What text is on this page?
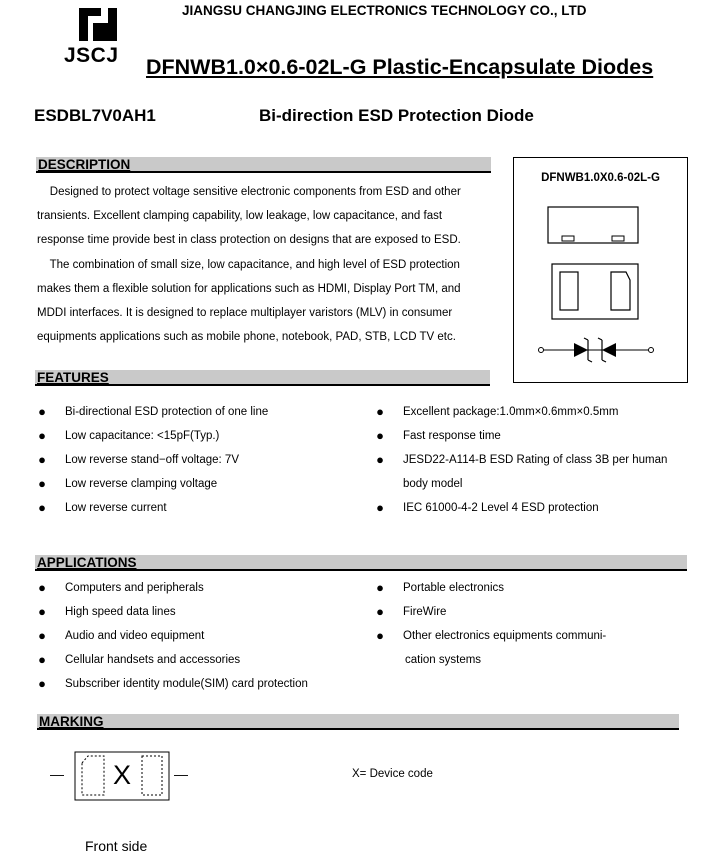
JIANGSU CHANGJING ELECTRONICS TECHNOLOGY CO., LTD
JSCJ DFNWB1.0×0.6-02L-G Plastic-Encapsulate Diodes
ESDBL7V0AH1	Bi-direction ESD Protection Diode
DESCRIPTION

Designed to protect voltage sensitive electronic components from ESD and other

transients. Excellent clamping capability, low leakage, low capacitance, and fast

response time provide best in class protection on designs that are exposed to ESD.

The combination of small size, low capacitance, and high level of ESD protection

makes them a flexible solution for applications such as HDMI, Display Port TM, and

MDDI interfaces. It is designed to replace multiplayer varistors (MLV) in consumer

equipments applications such as mobile phone, notebook, PAD, STB, LCD TV etc.

DFNWB1.0X0.6-02L-G
FEATURES
● Bi-directional ESD protection of one line
● Low capacitance: <15pF(Typ.)
● Low reverse stand−off voltage: 7V
● Low reverse clamping voltage
● Low reverse current
● Excellent package:1.0mm×0.6mm×0.5mm
● Fast response time
● JESD22-A114-B ESD Rating of class 3B per human
body model
● IEC 61000-4-2 Level 4 ESD protection
APPLICATIONS
● Computers and peripherals
● High speed data lines
● Audio and video equipment
● Cellular handsets and accessories
● Subscriber identity module(SIM) card protection
● Portable electronics
● FireWire
● Other electronics equipments communi-
cation systems
MARKING
—	—
X	X= Device code
Front side
